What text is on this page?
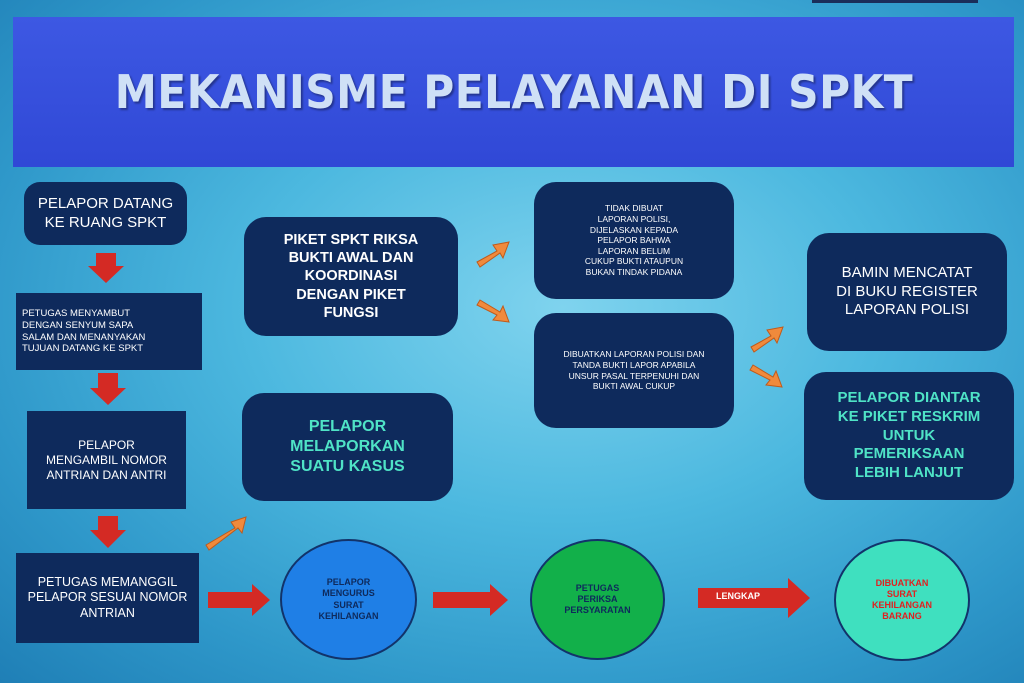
MEKANISME PELAYANAN DI SPKT
PELAPOR DATANG
KE RUANG SPKT
PETUGAS MENYAMBUT
DENGAN SENYUM SAPA
SALAM DAN MENANYAKAN
TUJUAN DATANG KE SPKT
PELAPOR
MENGAMBIL NOMOR
ANTRIAN DAN ANTRI
PETUGAS MEMANGGIL
PELAPOR SESUAI NOMOR
ANTRIAN
PIKET SPKT RIKSA
BUKTI AWAL DAN
KOORDINASI
DENGAN PIKET
FUNGSI
PELAPOR
MELAPORKAN
SUATU KASUS
TIDAK DIBUAT
LAPORAN POLISI,
DIJELASKAN KEPADA
PELAPOR BAHWA
LAPORAN BELUM
CUKUP BUKTI ATAUPUN
BUKAN TINDAK PIDANA
DIBUATKAN LAPORAN POLISI DAN
TANDA BUKTI LAPOR APABILA
UNSUR PASAL TERPENUHI DAN
BUKTI AWAL CUKUP
BAMIN MENCATAT
DI BUKU REGISTER
LAPORAN POLISI
PELAPOR DIANTAR
KE PIKET RESKRIM
UNTUK
PEMERIKSAAN
LEBIH LANJUT
PELAPOR
MENGURUS
SURAT
KEHILANGAN
PETUGAS
PERIKSA
PERSYARATAN
DIBUATKAN
SURAT
KEHILANGAN
BARANG
LENGKAP
